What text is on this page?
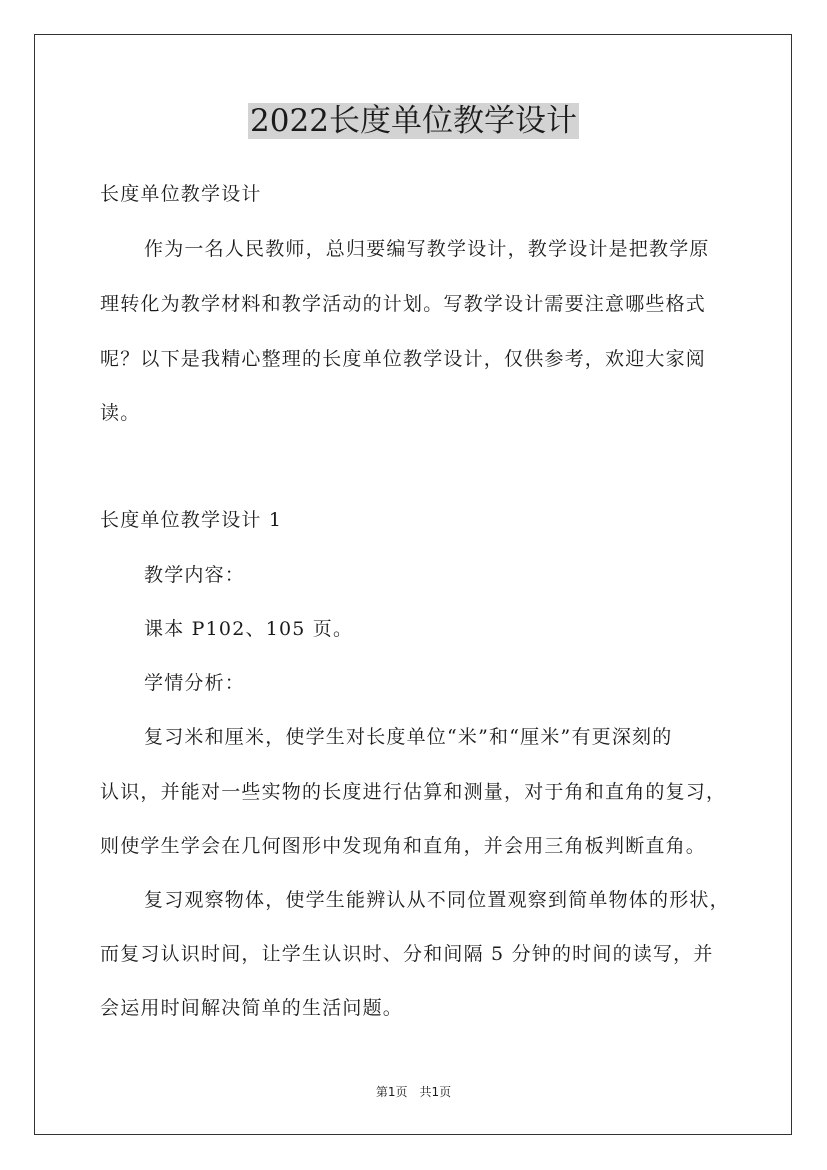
2022长度单位教学设计
长度单位教学设计
作为一名人民教师，总归要编写教学设计，教学设计是把教学原
理转化为教学材料和教学活动的计划。写教学设计需要注意哪些格式
呢？以下是我精心整理的长度单位教学设计，仅供参考，欢迎大家阅
读。
长度单位教学设计 1
教学内容：
课本 P102、105 页。
学情分析：
复习米和厘米，使学生对长度单位“米”和“厘米”有更深刻的
认识，并能对一些实物的长度进行估算和测量，对于角和直角的复习，
则使学生学会在几何图形中发现角和直角，并会用三角板判断直角。
复习观察物体，使学生能辨认从不同位置观察到简单物体的形状，
而复习认识时间，让学生认识时、分和间隔 5 分钟的时间的读写，并
会运用时间解决简单的生活问题。
第1页 共1页
